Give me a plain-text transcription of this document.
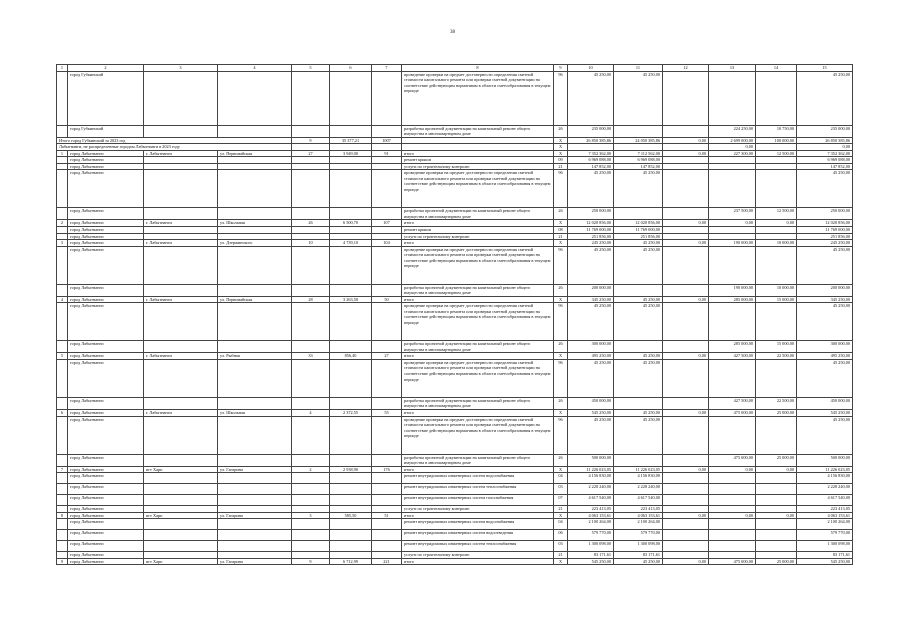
38
1	2	3	4	5	6	7	8	9	10	11	12	13	14	15
	город Губкинский						проведение проверки на предмет достоверности определения сметной стоимости капитального ремонта или проверки сметной документации на соответствие действующим нормативам в области сметообразования в текущем периоде	96	45 250,00	45 250,00				45 250,00
	город Губкинский						разработка проектной документации на капитальный ремонт общего имущества в многоквартирном доме	26	235 000,00			224 250,00	10 750,00	235 000,00
Итого город Губкинский за 2023 год				9	35 377,21	1007		X	26 850 385,86	24 050 385,86	0,00	2 699 000,00	100 000,00	26 850 385,86
Лабытнанги, не распределенные городом Лабытнанги в 2023 году								X				0,00		0,00
1	город Лабытнанги	г. Лабытнанги	ул. Первомайская	27	3 949,00	91	итого	X	7 352 362,00	7 112 562,00	0,00	227 300,00	12 500,00	7 352 362,00
	город Лабытнанги						ремонт крыши	09	6 969 088,00	6 969 088,00				6 969 088,00
	город Лабытнанги						услуги по строительному контролю	21	147 852,00	147 852,00				147 852,00
	город Лабытнанги						проведение проверки на предмет достоверности определения сметной стоимости капитального ремонта или проверки сметной документации на соответствие действующим нормативам в области сметообразования в текущем периоде	96	45 250,00	45 250,00				45 250,00
	город Лабытнанги						разработка проектной документации на капитальный ремонт общего имущества в многоквартирном доме	26	250 000,00			237 500,00	12 500,00	250 000,00
2	город Лабытнанги	г. Лабытнанги	ул. Школьная	26	6 500,70	107	итого	X	12 020 856,00	12 020 856,00	0,00	0,00	0,00	12 020 856,00
	город Лабытнанги						ремонт крыши	08	11 769 000,00	11 769 000,00				11 769 000,00
	город Лабытнанги						услуги по строительному контролю	21	251 856,00	251 856,00				251 856,00
3	город Лабытнанги	г. Лабытнанги	ул. Дзержинского	10	4 739,10	104	итого	X	245 250,00	45 250,00	0,00	190 000,00	10 000,00	245 250,00
	город Лабытнанги						проведение проверки на предмет достоверности определения сметной стоимости капитального ремонта или проверки сметной документации на соответствие действующим нормативам в области сметообразования в текущем периоде	96	45 250,00	45 250,00				45 250,00
	город Лабытнанги						разработка проектной документации на капитальный ремонт общего имущества в многоквартирном доме	26	200 000,00			190 000,00	10 000,00	200 000,00
4	город Лабытнанги	г. Лабытнанги	ул. Первомайская	28	3 263,50	50	итого	X	345 250,00	45 250,00	0,00	285 000,00	15 000,00	345 250,00
	город Лабытнанги						проведение проверки на предмет достоверности определения сметной стоимости капитального ремонта или проверки сметной документации на соответствие действующим нормативам в области сметообразования в текущем периоде	96	45 250,00	45 250,00				45 250,00
	город Лабытнанги						разработка проектной документации на капитальный ремонт общего имущества в многоквартирном доме	26	300 000,00			285 000,00	15 000,00	300 000,00
5	город Лабытнанги	г. Лабытнанги	ул. Рыбная	33	856,40	27	итого	X	495 250,00	45 250,00	0,00	427 500,00	22 500,00	495 250,00
	город Лабытнанги						проведение проверки на предмет достоверности определения сметной стоимости капитального ремонта или проверки сметной документации на соответствие действующим нормативам в области сметообразования в текущем периоде	96	45 250,00	45 250,00				45 250,00
	город Лабытнанги						разработка проектной документации на капитальный ремонт общего имущества в многоквартирном доме	26	450 000,00			427 500,00	22 500,00	450 000,00
6	город Лабытнанги	г. Лабытнанги	ул. Школьная	4	2 372,55	55	итого	X	545 250,00	45 250,00	0,00	475 000,00	25 000,00	545 250,00
	город Лабытнанги						проведение проверки на предмет достоверности определения сметной стоимости капитального ремонта или проверки сметной документации на соответствие действующим нормативам в области сметообразования в текущем периоде	96	45 250,00	45 250,00				45 250,00
	город Лабытнанги						разработка проектной документации на капитальный ремонт общего имущества в многоквартирном доме	26	500 000,00			475 000,00	25 000,00	500 000,00
7	город Лабытнанги	пгт Харп	ул. Гагарина	2	2 938,90	176	итого	X	11 226 023,05	11 226 023,05	0,00	0,00	0,00	11 226 023,05
	город Лабытнанги						ремонт внутридомовых инженерных систем водоснабжения	04	4 156 830,00	4 156 830,00				4 156 830,00
	город Лабытнанги						ремонт внутридомовых инженерных систем теплоснабжения	03	2 228 240,00	2 228 240,00				2 228 240,00
	город Лабытнанги						ремонт внутридомовых инженерных систем газоснабжения	07	4 617 540,00	4 617 540,00				4 617 540,00
	город Лабытнанги						услуги по строительному контролю	21	223 413,05	223 413,05				223 413,05
8	город Лабытнанги	пгт Харп	ул. Гагарина	3	585,50	51	итого	X	4 063 153,61	4 063 153,61	0,00	0,00	0,00	4 063 153,61
	город Лабытнанги						ремонт внутридомовых инженерных систем водоснабжения	04	2 100 264,00	2 100 264,00				2 100 264,00
	город Лабытнанги						ремонт внутридомовых инженерных систем водоотведения	06	579 770,00	579 770,00				579 770,00
	город Лабытнанги						ремонт внутридомовых инженерных систем теплоснабжения	03	1 300 098,00	1 300 098,00				1 300 098,00
	город Лабытнанги						услуги по строительному контролю	21	83 171,61	83 171,61				83 171,61
9	город Лабытнанги	пгт Харп	ул. Гагарина	9	6 712,99	221	итого	X	545 250,00	45 250,00	0,00	475 000,00	25 000,00	545 250,00
